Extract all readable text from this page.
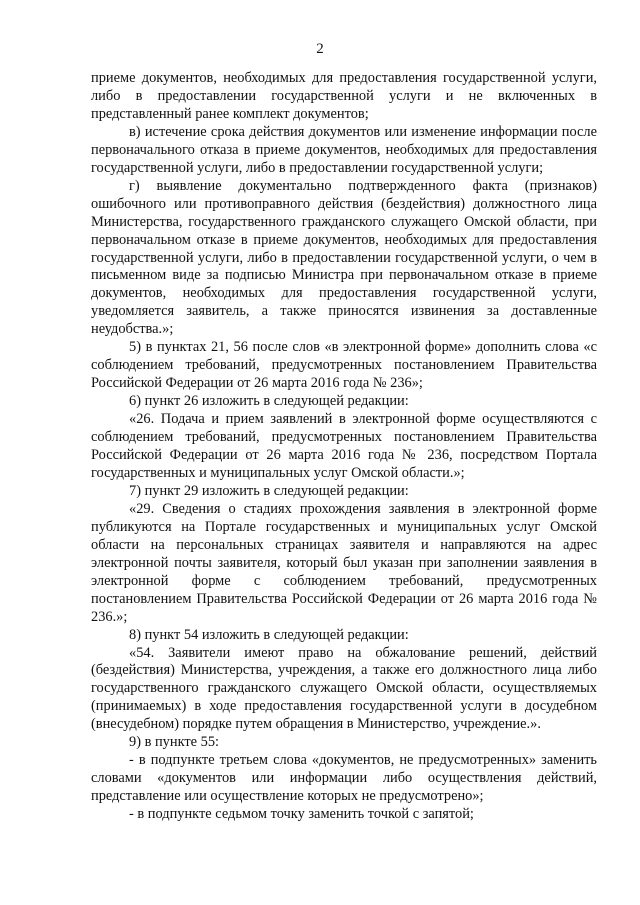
2

приеме документов, необходимых для предоставления государственной услуги, либо в предоставлении государственной услуги и не включенных в представленный ранее комплект документов;

в) истечение срока действия документов или изменение информации после первоначального отказа в приеме документов, необходимых для предоставления государственной услуги, либо в предоставлении государственной услуги;

г) выявление документально подтвержденного факта (признаков) ошибочного или противоправного действия (бездействия) должностного лица Министерства, государственного гражданского служащего Омской области, при первоначальном отказе в приеме документов, необходимых для предоставления государственной услуги, либо в предоставлении государственной услуги, о чем в письменном виде за подписью Министра при первоначальном отказе в приеме документов, необходимых для предоставления государственной услуги, уведомляется заявитель, а также приносятся извинения за доставленные неудобства.»;

5) в пунктах 21, 56 после слов «в электронной форме» дополнить слова «с соблюдением требований, предусмотренных постановлением Правительства Российской Федерации от 26 марта 2016 года № 236»;

6) пункт 26 изложить в следующей редакции:

«26. Подача и прием заявлений в электронной форме осуществляются с соблюдением требований, предусмотренных постановлением Правительства Российской Федерации от 26 марта 2016 года № 236, посредством Портала государственных и муниципальных услуг Омской области.»;

7) пункт 29 изложить в следующей редакции:

«29. Сведения о стадиях прохождения заявления в электронной форме публикуются на Портале государственных и муниципальных услуг Омской области на персональных страницах заявителя и направляются на адрес электронной почты заявителя, который был указан при заполнении заявления в электронной форме с соблюдением требований, предусмотренных постановлением Правительства Российской Федерации от 26 марта 2016 года № 236.»;

8) пункт 54 изложить в следующей редакции:

«54. Заявители имеют право на обжалование решений, действий (бездействия) Министерства, учреждения, а также его должностного лица либо государственного гражданского служащего Омской области, осуществляемых (принимаемых) в ходе предоставления государственной услуги в досудебном (внесудебном) порядке путем обращения в Министерство, учреждение.».

9) в пункте 55:

- в подпункте третьем слова «документов, не предусмотренных» заменить словами «документов или информации либо осуществления действий, представление или осуществление которых не предусмотрено»;

- в подпункте седьмом точку заменить точкой с запятой;
